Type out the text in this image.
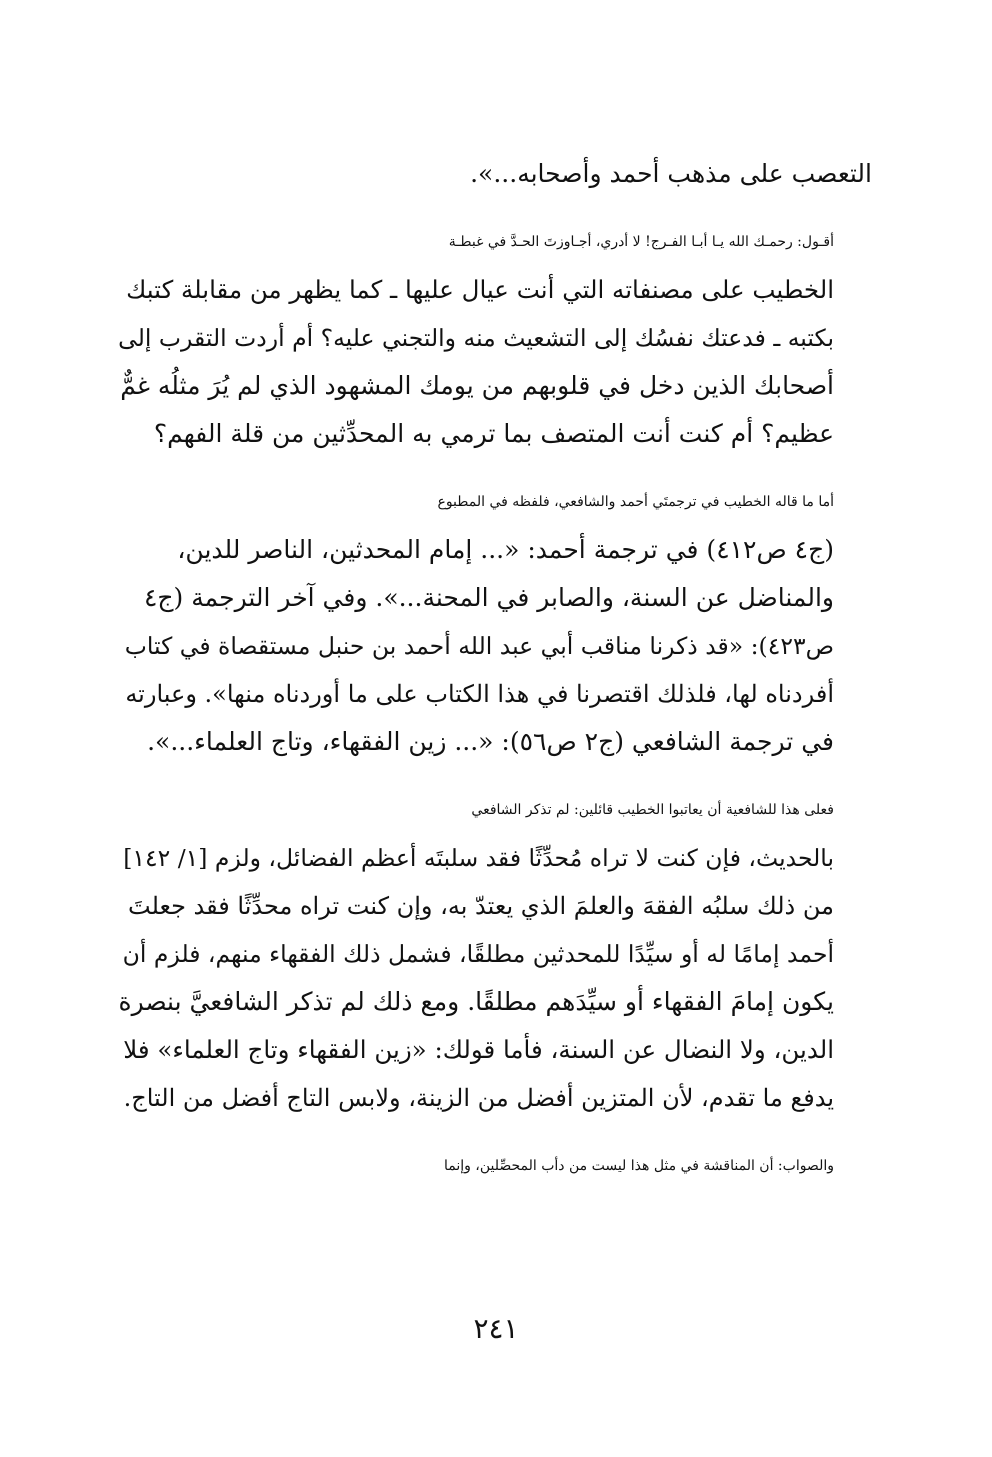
التعصب على مذهب أحمد وأصحابه...».

أقـول: رحمـك الله يـا أبـا الفـرج! لا أدري، أجـاوزتَ الحـدَّ في غبطـة
الخطيب على مصنفاته التي أنت عيال عليها ـ كما يظهر من مقابلة كتبك
بكتبه ـ فدعتك نفسُك إلى التشعيث منه والتجني عليه؟ أم أردت التقرب إلى
أصحابك الذين دخل في قلوبهم من يومك المشهود الذي لم يُرَ مثلُه غمٌّ
عظيم؟ أم كنت أنت المتصف بما ترمي به المحدِّثين من قلة الفهم؟

أما ما قاله الخطيب في ترجمتَي أحمد والشافعي، فلفظه في المطبوع
(ج٤ ص٤١٢) في ترجمة أحمد: «... إمام المحدثين، الناصر للدين،
والمناضل عن السنة، والصابر في المحنة...». وفي آخر الترجمة (ج٤
ص٤٢٣): «قد ذكرنا مناقب أبي عبد الله أحمد بن حنبل مستقصاة في كتاب
أفردناه لها، فلذلك اقتصرنا في هذا الكتاب على ما أوردناه منها». وعبارته
في ترجمة الشافعي (ج٢ ص٥٦): «... زين الفقهاء، وتاج العلماء...».

فعلى هذا للشافعية أن يعاتبوا الخطيب قائلين: لم تذكر الشافعي
بالحديث، فإن كنت لا تراه مُحدِّثًا فقد سلبتَه أعظم الفضائل، ولزم [١/ ١٤٢]
من ذلك سلبُه الفقهَ والعلمَ الذي يعتدّ به، وإن كنت تراه محدِّثًا فقد جعلتَ
أحمد إمامًا له أو سيِّدًا للمحدثين مطلقًا، فشمل ذلك الفقهاء منهم، فلزم أن
يكون إمامَ الفقهاء أو سيِّدَهم مطلقًا. ومع ذلك لم تذكر الشافعيَّ بنصرة
الدين، ولا النضال عن السنة، فأما قولك: «زين الفقهاء وتاج العلماء» فلا
يدفع ما تقدم، لأن المتزين أفضل من الزينة، ولابس التاج أفضل من التاج.

والصواب: أن المناقشة في مثل هذا ليست من دأب المحصِّلين، وإنما

٢٤١
